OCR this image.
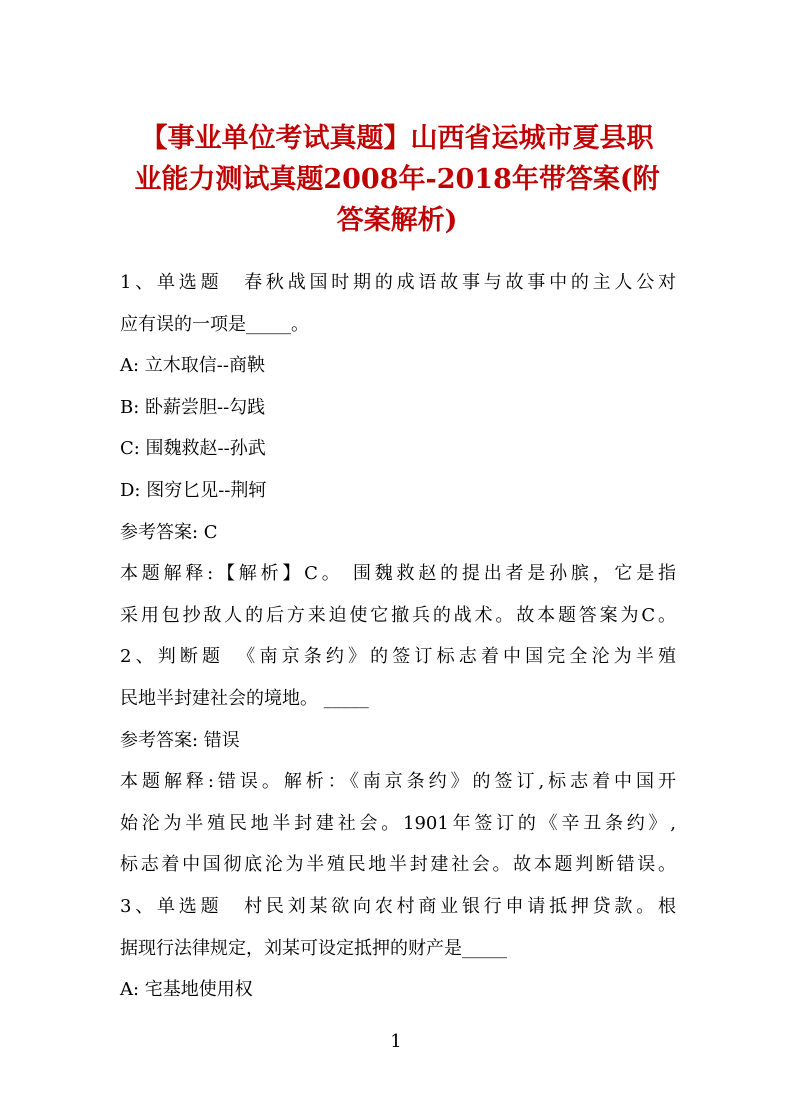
【事业单位考试真题】山西省运城市夏县职
业能力测试真题2008年-2018年带答案(附
答案解析)
1、单选题　春秋战国时期的成语故事与故事中的主人公对
应有误的一项是_____。
A: 立木取信--商鞅
B: 卧薪尝胆--勾践
C: 围魏救赵--孙武
D: 图穷匕见--荆轲
参考答案: C
本题解释:【解析】C。 围魏救赵的提出者是孙膑，它是指
采用包抄敌人的后方来迫使它撤兵的战术。故本题答案为C。
2、判断题　《南京条约》的签订标志着中国完全沦为半殖
民地半封建社会的境地。 _____
参考答案: 错误
本题解释:错误。解析：《南京条约》的签订,标志着中国开
始沦为半殖民地半封建社会。1901年签订的《辛丑条约》,
标志着中国彻底沦为半殖民地半封建社会。故本题判断错误。
3、单选题　村民刘某欲向农村商业银行申请抵押贷款。根
据现行法律规定，刘某可设定抵押的财产是_____
A: 宅基地使用权
1
